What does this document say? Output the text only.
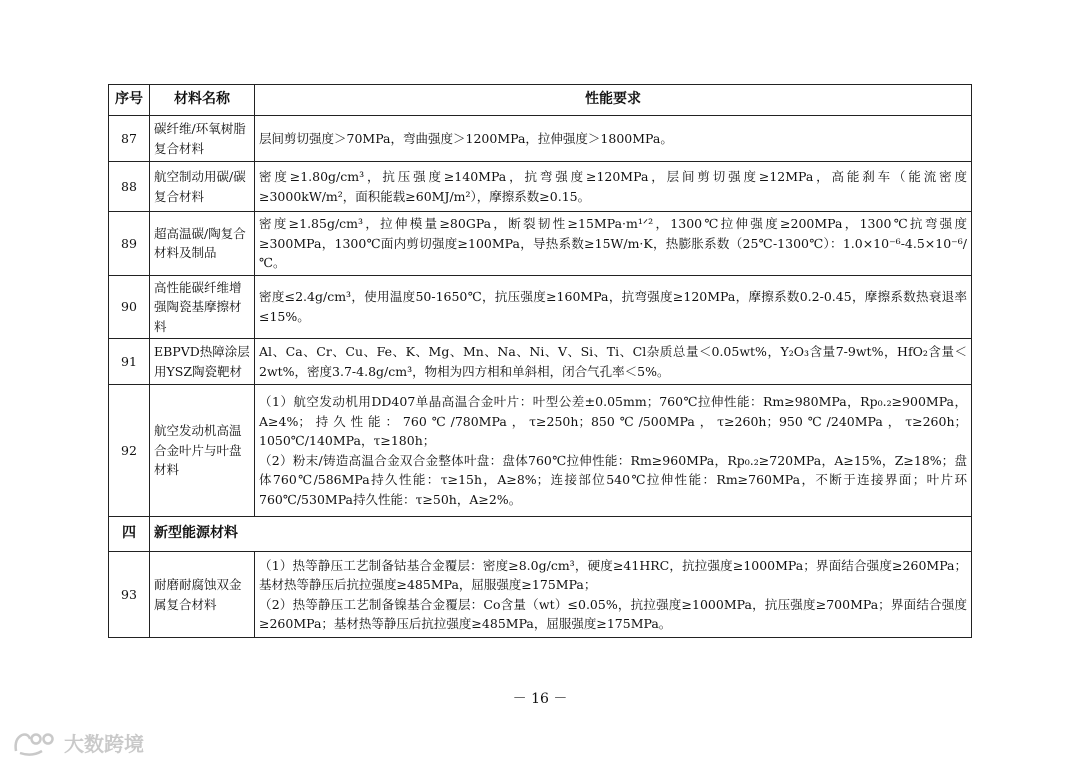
序号	材料名称	性能要求
87	碳纤维/环氧树脂复合材料	层间剪切强度＞70MPa，弯曲强度＞1200MPa，拉伸强度＞1800MPa。

88	航空制动用碳/碳复合材料	密度≥1.80g/cm³，抗压强度≥140MPa，抗弯强度≥120MPa，层间剪切强度≥12MPa，高能刹车（能流密度≥3000kW/m²，面积能载≥60MJ/m²），摩擦系数≥0.15。

89	超高温碳/陶复合材料及制品	密度≥1.85g/cm³，拉伸模量≥80GPa，断裂韧性≥15MPa·m¹ᐟ²，1300℃拉伸强度≥200MPa，1300℃抗弯强度≥300MPa，1300℃面内剪切强度≥100MPa，导热系数≥15W/m·K，热膨胀系数（25℃-1300℃）：1.0×10⁻⁶-4.5×10⁻⁶/℃。

90	高性能碳纤维增强陶瓷基摩擦材料	密度≤2.4g/cm³，使用温度50-1650℃，抗压强度≥160MPa，抗弯强度≥120MPa，摩擦系数0.2-0.45，摩擦系数热衰退率≤15%。

91	EBPVD热障涂层用YSZ陶瓷靶材	Al、Ca、Cr、Cu、Fe、K、Mg、Mn、Na、Ni、V、Si、Ti、Cl杂质总量＜0.05wt%，Y₂O₃含量7-9wt%，HfO₂含量＜2wt%，密度3.7-4.8g/cm³，物相为四方相和单斜相，闭合气孔率＜5%。

92	航空发动机高温合金叶片与叶盘材料	（1）航空发动机用DD407单晶高温合金叶片：叶型公差±0.05mm；760℃拉伸性能：Rm≥980MPa，Rp₀.₂≥900MPa，A≥4%；持久性能：760℃/780MPa，τ≥250h；850℃/500MPa，τ≥260h；950℃/240MPa，τ≥260h；1050℃/140MPa，τ≥180h；
（2）粉末/铸造高温合金双合金整体叶盘：盘体760℃拉伸性能：Rm≥960MPa，Rp₀.₂≥720MPa，A≥15%，Z≥18%；盘体760℃/586MPa持久性能：τ≥15h，A≥8%；连接部位540℃拉伸性能：Rm≥760MPa，不断于连接界面；叶片环760℃/530MPa持久性能：τ≥50h，A≥2%。

四	新型能源材料	
93	耐磨耐腐蚀双金属复合材料	（1）热等静压工艺制备钴基合金覆层：密度≥8.0g/cm³，硬度≥41HRC，抗拉强度≥1000MPa；界面结合强度≥260MPa；基材热等静压后抗拉强度≥485MPa，屈服强度≥175MPa；
（2）热等静压工艺制备镍基合金覆层：Co含量（wt）≤0.05%，抗拉强度≥1000MPa，抗压强度≥700MPa；界面结合强度≥260MPa；基材热等静压后抗拉强度≥485MPa，屈服强度≥175MPa。
－ 16 －
大数跨境
